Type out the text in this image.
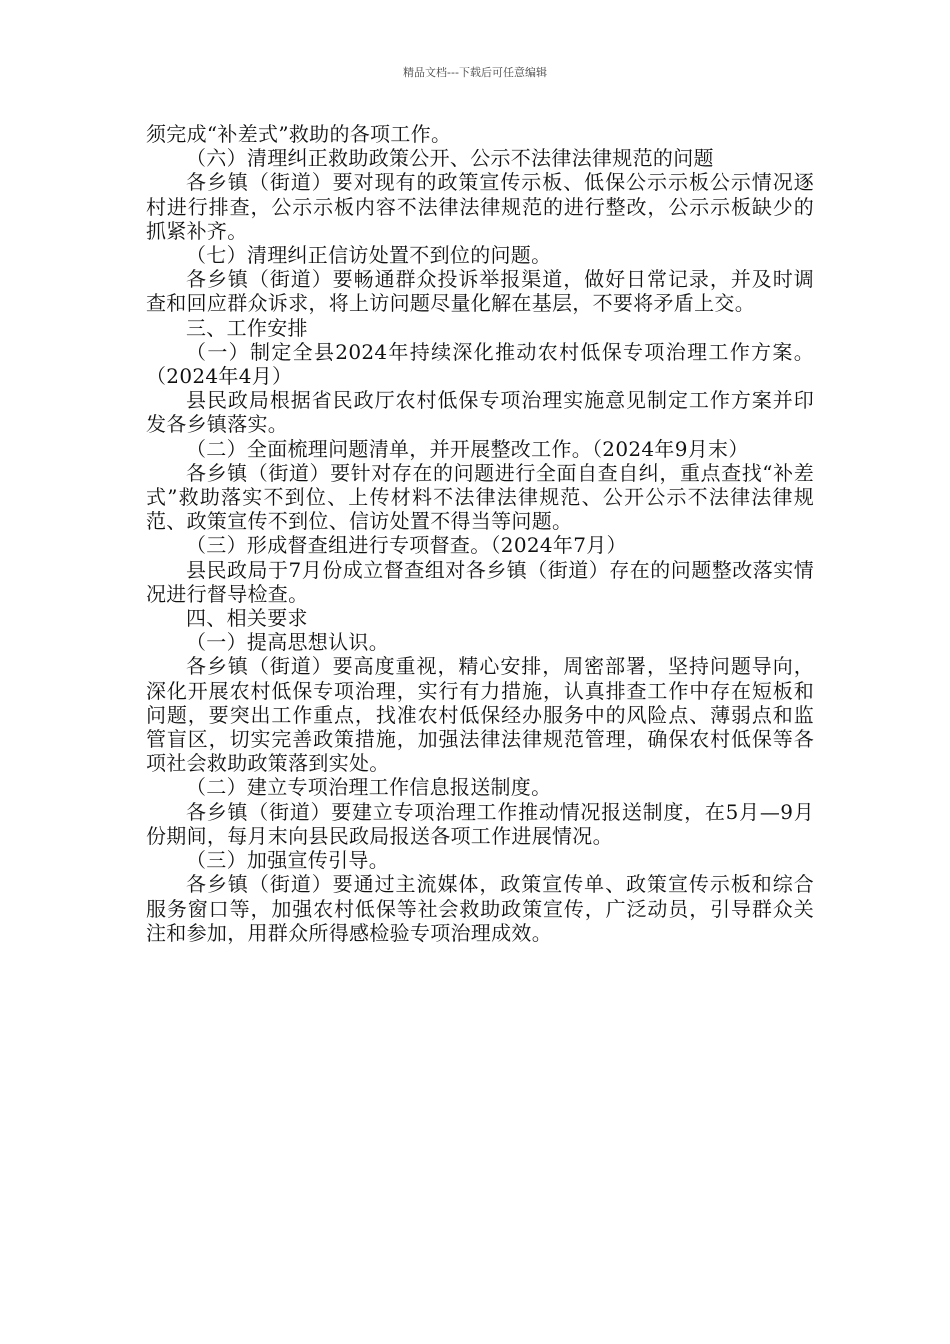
精品文档---下载后可任意编辑

须完成“补差式”救助的各项工作。

（六）清理纠正救助政策公开、公示不法律法律规范的问题

各乡镇（街道）要对现有的政策宣传示板、低保公示示板公示情况逐村进行排查，公示示板内容不法律法律规范的进行整改，公示示板缺少的抓紧补齐。

（七）清理纠正信访处置不到位的问题。

各乡镇（街道）要畅通群众投诉举报渠道，做好日常记录，并及时调查和回应群众诉求，将上访问题尽量化解在基层，不要将矛盾上交。

三、工作安排

（一）制定全县2024年持续深化推动农村低保专项治理工作方案。（2024年4月）

县民政局根据省民政厅农村低保专项治理实施意见制定工作方案并印发各乡镇落实。

（二）全面梳理问题清单，并开展整改工作。（2024年9月末）

各乡镇（街道）要针对存在的问题进行全面自查自纠，重点查找“补差式”救助落实不到位、上传材料不法律法律规范、公开公示不法律法律规范、政策宣传不到位、信访处置不得当等问题。

（三）形成督查组进行专项督查。（2024年7月）

县民政局于7月份成立督查组对各乡镇（街道）存在的问题整改落实情况进行督导检查。

四、相关要求

（一）提高思想认识。

各乡镇（街道）要高度重视，精心安排，周密部署，坚持问题导向，深化开展农村低保专项治理，实行有力措施，认真排查工作中存在短板和问题，要突出工作重点，找准农村低保经办服务中的风险点、薄弱点和监管盲区，切实完善政策措施，加强法律法律规范管理，确保农村低保等各项社会救助政策落到实处。

（二）建立专项治理工作信息报送制度。

各乡镇（街道）要建立专项治理工作推动情况报送制度，在5月—9月份期间，每月末向县民政局报送各项工作进展情况。

（三）加强宣传引导。

各乡镇（街道）要通过主流媒体，政策宣传单、政策宣传示板和综合服务窗口等，加强农村低保等社会救助政策宣传，广泛动员，引导群众关注和参加，用群众所得感检验专项治理成效。
